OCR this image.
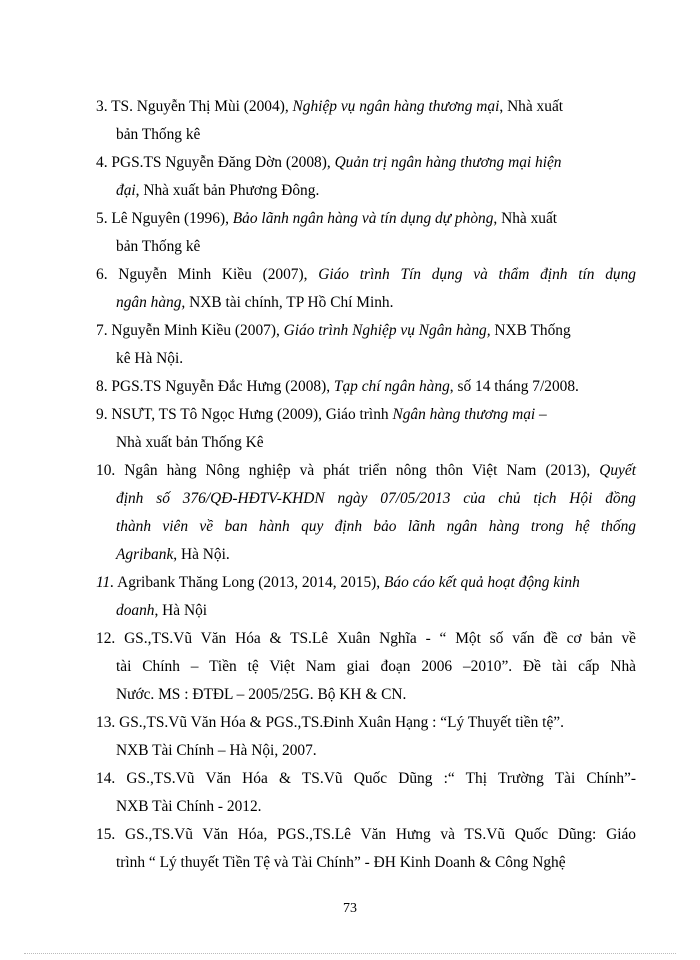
3. TS. Nguyễn Thị Mùi (2004), Nghiệp vụ ngân hàng thương mại, Nhà xuất
bản Thống kê
4. PGS.TS Nguyễn Đăng Dờn (2008), Quản trị ngân hàng thương mại hiện
đại, Nhà xuất bản Phương Đông.
5. Lê Nguyên (1996), Bảo lãnh ngân hàng và tín dụng dự phòng, Nhà xuất
bản Thống kê
6. Nguyễn Minh Kiều (2007), Giáo trình Tín dụng và thẩm định tín dụng
ngân hàng, NXB tài chính, TP Hồ Chí Minh.
7. Nguyễn Minh Kiều (2007), Giáo trình Nghiệp vụ Ngân hàng, NXB Thống
kê Hà Nội.
8. PGS.TS Nguyễn Đắc Hưng (2008), Tạp chí ngân hàng, số 14 tháng 7/2008.
9. NSƯT, TS Tô Ngọc Hưng (2009), Giáo trình Ngân hàng thương mại –
Nhà xuất bản Thống Kê
10. Ngân hàng Nông nghiệp và phát triển nông thôn Việt Nam (2013), Quyết
định số 376/QĐ-HĐTV-KHDN ngày 07/05/2013 của chủ tịch Hội đồng
thành viên về ban hành quy định bảo lãnh ngân hàng trong hệ thống
Agribank, Hà Nội.
11. Agribank Thăng Long (2013, 2014, 2015), Báo cáo kết quả hoạt động kinh
doanh, Hà Nội
12. GS.,TS.Vũ Văn Hóa & TS.Lê Xuân Nghĩa - “ Một số vấn đề cơ bản về
tài Chính – Tiền tệ Việt Nam giai đoạn 2006 –2010”. Đề tài cấp Nhà
Nước. MS : ĐTĐL – 2005/25G. Bộ KH & CN.
13. GS.,TS.Vũ Văn Hóa & PGS.,TS.Đinh Xuân Hạng : “Lý Thuyết tiền tệ”.
NXB Tài Chính – Hà Nội, 2007.
14. GS.,TS.Vũ Văn Hóa & TS.Vũ Quốc Dũng :“ Thị Trường Tài Chính”-
NXB Tài Chính - 2012.
15. GS.,TS.Vũ Văn Hóa, PGS.,TS.Lê Văn Hưng và TS.Vũ Quốc Dũng: Giáo
trình “ Lý thuyết Tiền Tệ và Tài Chính” - ĐH Kinh Doanh & Công Nghệ
73
